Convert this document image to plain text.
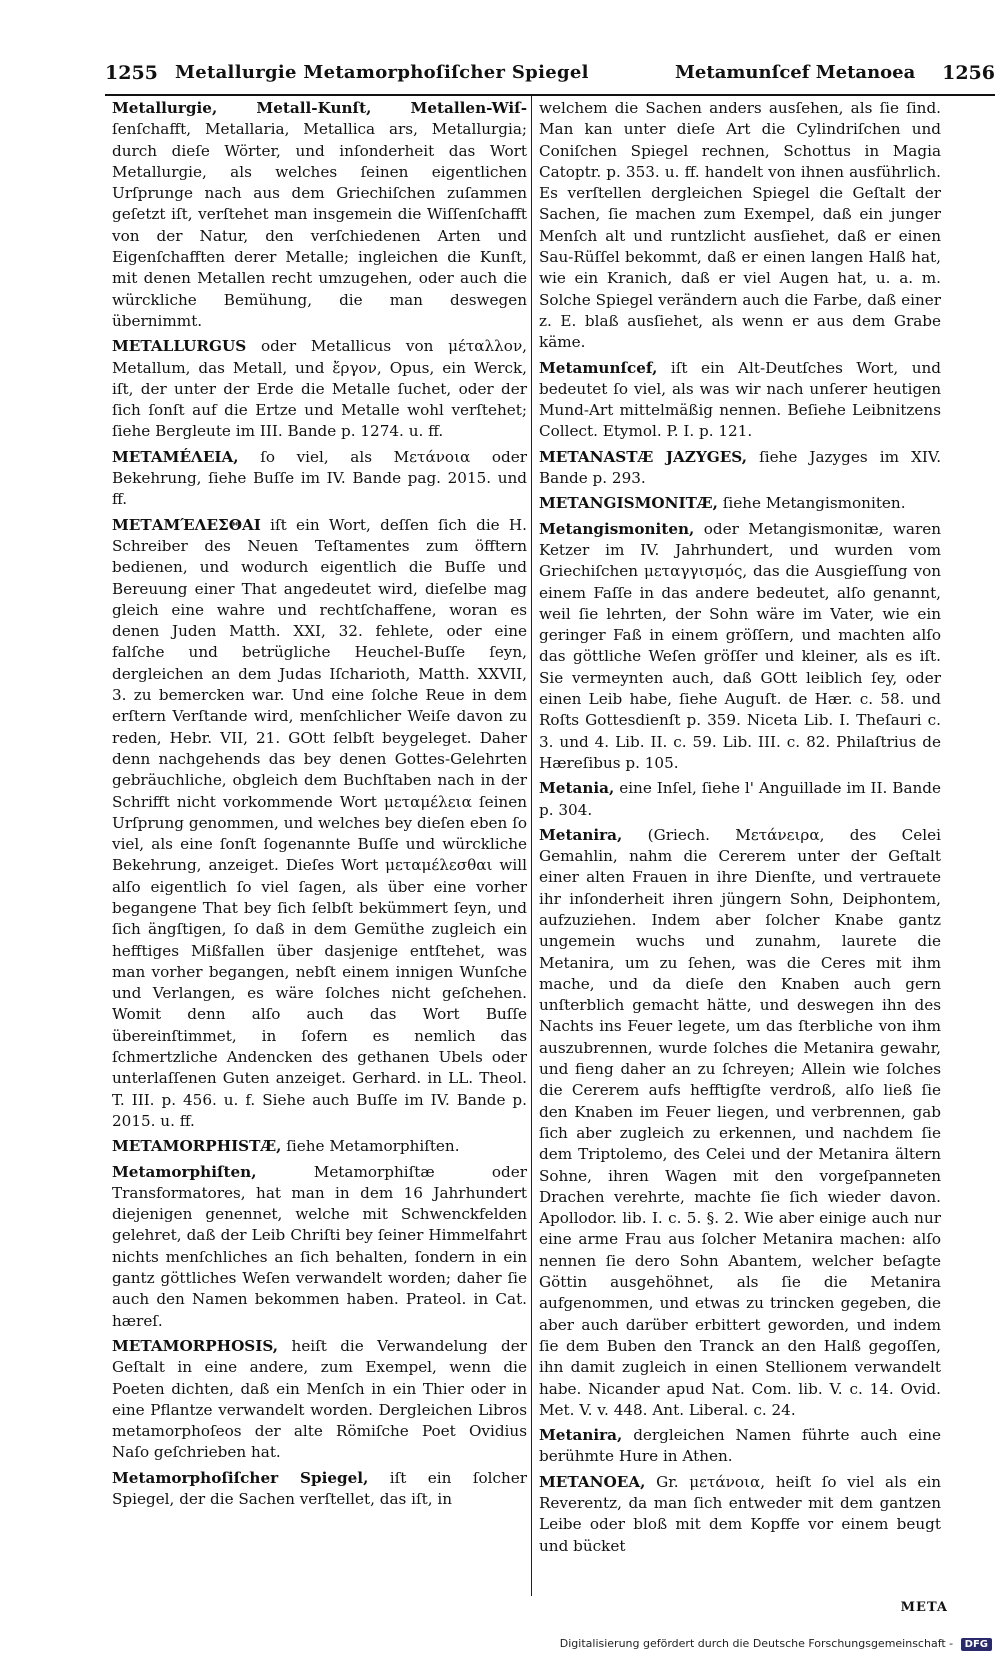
1255 Metallurgie Metamorphoſiſcher Spiegel	Metamunſcef Metanoea 1256

Metallurgie, Metall-Kunſt, Metallen-Wiſ- ſenſchafft, Metallaria, Metallica ars, Metallurgia; durch dieſe Wörter, und inſonderheit das Wort Metallurgie, als welches ſeinen eigentlichen Urſprunge nach aus dem Griechiſchen zuſammen geſetzt iſt, verſtehet man insgemein die Wiſſenſchafft von der Natur, den verſchiedenen Arten und Eigenſchafften derer Metalle; ingleichen die Kunſt, mit denen Metallen recht umzugehen, oder auch die würckliche Bemühung, die man deswegen übernimmt.

METALLURGUS oder Metallicus von μέταλλον, Metallum, das Metall, und ἔργον, Opus, ein Werck, iſt, der unter der Erde die Metalle ſuchet, oder der ſich ſonſt auf die Ertze und Metalle wohl verſtehet; ſiehe Bergleute im III. Bande p. 1274. u. ff.

METAMÉΛEIA, ſo viel, als Μετάνοια oder Bekehrung, ſiehe Buſſe im IV. Bande pag. 2015. und ff.

ΜΕΤΑΜΈΛΕΣΘΑΙ iſt ein Wort, deſſen ſich die H. Schreiber des Neuen Teſtamentes zum öfftern bedienen, und wodurch eigentlich die Buſſe und Bereuung einer That angedeutet wird, dieſelbe mag gleich eine wahre und rechtſchaffene, woran es denen Juden Matth. XXI, 32. fehlete, oder eine falſche und betrügliche Heuchel-Buſſe ſeyn, dergleichen an dem Judas Iſcharioth, Matth. XXVII, 3. zu bemercken war. Und eine ſolche Reue in dem erſtern Verſtande wird, menſchlicher Weiſe davon zu reden, Hebr. VII, 21. GOtt ſelbſt beygeleget. Daher denn nachgehends das bey denen Gottes-Gelehrten gebräuchliche, obgleich dem Buchſtaben nach in der Schrifft nicht vorkommende Wort μεταμέλεια ſeinen Urſprung genommen, und welches bey dieſen eben ſo viel, als eine ſonſt ſogenannte Buſſe und würckliche Bekehrung, anzeiget. Dieſes Wort μεταμέλεσθαι will alſo eigentlich ſo viel ſagen, als über eine vorher begangene That bey ſich ſelbſt bekümmert ſeyn, und ſich ängſtigen, ſo daß in dem Gemüthe zugleich ein hefftiges Mißfallen über dasjenige entſtehet, was man vorher begangen, nebſt einem innigen Wunſche und Verlangen, es wäre ſolches nicht geſchehen. Womit denn alſo auch das Wort Buſſe übereinſtimmet, in ſofern es nemlich das ſchmertzliche Andencken des gethanen Ubels oder unterlaſſenen Guten anzeiget. Gerhard. in LL. Theol. T. III. p. 456. u. f. Siehe auch Buſſe im IV. Bande p. 2015. u. ff.

METAMORPHISTÆ, ſiehe Metamorphiſten.

Metamorphiſten,	Metamorphiſtæ oder Transformatores, hat man in dem 16 Jahrhundert diejenigen genennet, welche mit Schwenckfelden gelehret, daß der Leib Chriſti bey ſeiner Himmelfahrt nichts menſchliches an ſich behalten, ſondern in ein gantz göttliches Weſen verwandelt worden; daher ſie auch den Namen bekommen haben. Prateol. in Cat. hæreſ.

METAMORPHOSIS, heiſt die Verwandelung der Geſtalt in eine andere, zum Exempel, wenn die Poeten dichten, daß ein Menſch in ein Thier oder in eine Pflantze verwandelt worden. Dergleichen Libros metamorphoſeos der alte Römiſche Poet Ovidius Naſo geſchrieben hat.

Metamorphoſiſcher Spiegel, iſt ein ſolcher Spiegel, der die Sachen verſtellet, das iſt, in

welchem die Sachen anders ausſehen, als ſie ſind. Man kan unter dieſe Art die Cylindriſchen und Coniſchen Spiegel rechnen, Schottus in Magia Catoptr. p. 353. u. ff. handelt von ihnen ausführlich. Es verſtellen dergleichen Spiegel die Geſtalt der Sachen, ſie machen zum Exempel, daß ein junger Menſch alt und runtzlicht ausſiehet, daß er einen Sau-Rüſſel bekommt, daß er einen langen Halß hat, wie ein Kranich, daß er viel Augen hat, u. a. m. Solche Spiegel verändern auch die Farbe, daß einer z. E. blaß ausſiehet, als wenn er aus dem Grabe käme.

Metamunſcef, iſt ein Alt-Deutſches Wort, und bedeutet ſo viel, als was wir nach unſerer heutigen Mund-Art mittelmäßig nennen. Beſiehe Leibnitzens Collect. Etymol. P. I. p. 121.

METANASTÆ JAZYGES, ſiehe Jazyges im XIV. Bande p. 293.

METANGISMONITÆ, ſiehe Metangismoniten.

Metangismoniten, oder Metangismonitæ, waren Ketzer im IV. Jahrhundert, und wurden vom Griechiſchen μεταγγισμός, das die Ausgieſſung von einem Faſſe in das andere bedeutet, alſo genannt, weil ſie lehrten, der Sohn wäre im Vater, wie ein geringer Faß in einem gröſſern, und machten alſo das göttliche Weſen gröſſer und kleiner, als es iſt. Sie vermeynten auch, daß GOtt leiblich ſey, oder einen Leib habe, ſiehe Auguſt. de Hær. c. 58. und Roſts Gottesdienſt p. 359. Niceta Lib. I. Theſauri c. 3. und 4. Lib. II. c. 59. Lib. III. c. 82. Philaſtrius de Hæreſibus p. 105.

Metania, eine Inſel, ſiehe l' Anguillade im II. Bande p. 304.

Metanira, (Griech. Μετάνειρα, des Celei Gemahlin, nahm die Cererem unter der Geſtalt einer alten Frauen in ihre Dienſte, und vertrauete ihr inſonderheit ihren jüngern Sohn, Deiphontem, aufzuziehen. Indem aber ſolcher Knabe gantz ungemein wuchs und zunahm, laurete die Metanira, um zu ſehen, was die Ceres mit ihm mache, und da dieſe den Knaben auch gern unſterblich gemacht hätte, und deswegen ihn des Nachts ins Feuer legete, um das ſterbliche von ihm auszubrennen, wurde ſolches die Metanira gewahr, und fieng daher an zu ſchreyen; Allein wie ſolches die Cererem aufs hefftigſte verdroß, alſo ließ ſie den Knaben im Feuer liegen, und verbrennen, gab ſich aber zugleich zu erkennen, und nachdem ſie dem Triptolemo, des Celei und der Metanira ältern Sohne, ihren Wagen mit den vorgeſpanneten Drachen verehrte, machte ſie ſich wieder davon. Apollodor. lib. I. c. 5. §. 2. Wie aber einige auch nur eine arme Frau aus ſolcher Metanira machen: alſo nennen ſie dero Sohn Abantem, welcher beſagte Göttin ausgehöhnet, als ſie die Metanira aufgenommen, und etwas zu trincken gegeben, die aber auch darüber erbittert geworden, und indem ſie dem Buben den Tranck an den Halß gegoſſen, ihn damit zugleich in einen Stellionem verwandelt habe. Nicander apud Nat. Com. lib. V. c. 14. Ovid. Met. V. v. 448. Ant. Liberal. c. 24.

Metanira, dergleichen Namen führte auch eine berühmte Hure in Athen.

METANOEA, Gr. μετάνοια, heiſt ſo viel als ein Reverentz, da man ſich entweder mit dem gantzen Leibe oder bloß mit dem Kopffe vor einem beugt und bücket

META
Digitalisierung gefördert durch die Deutsche Forschungsgemeinschaft - DFG
